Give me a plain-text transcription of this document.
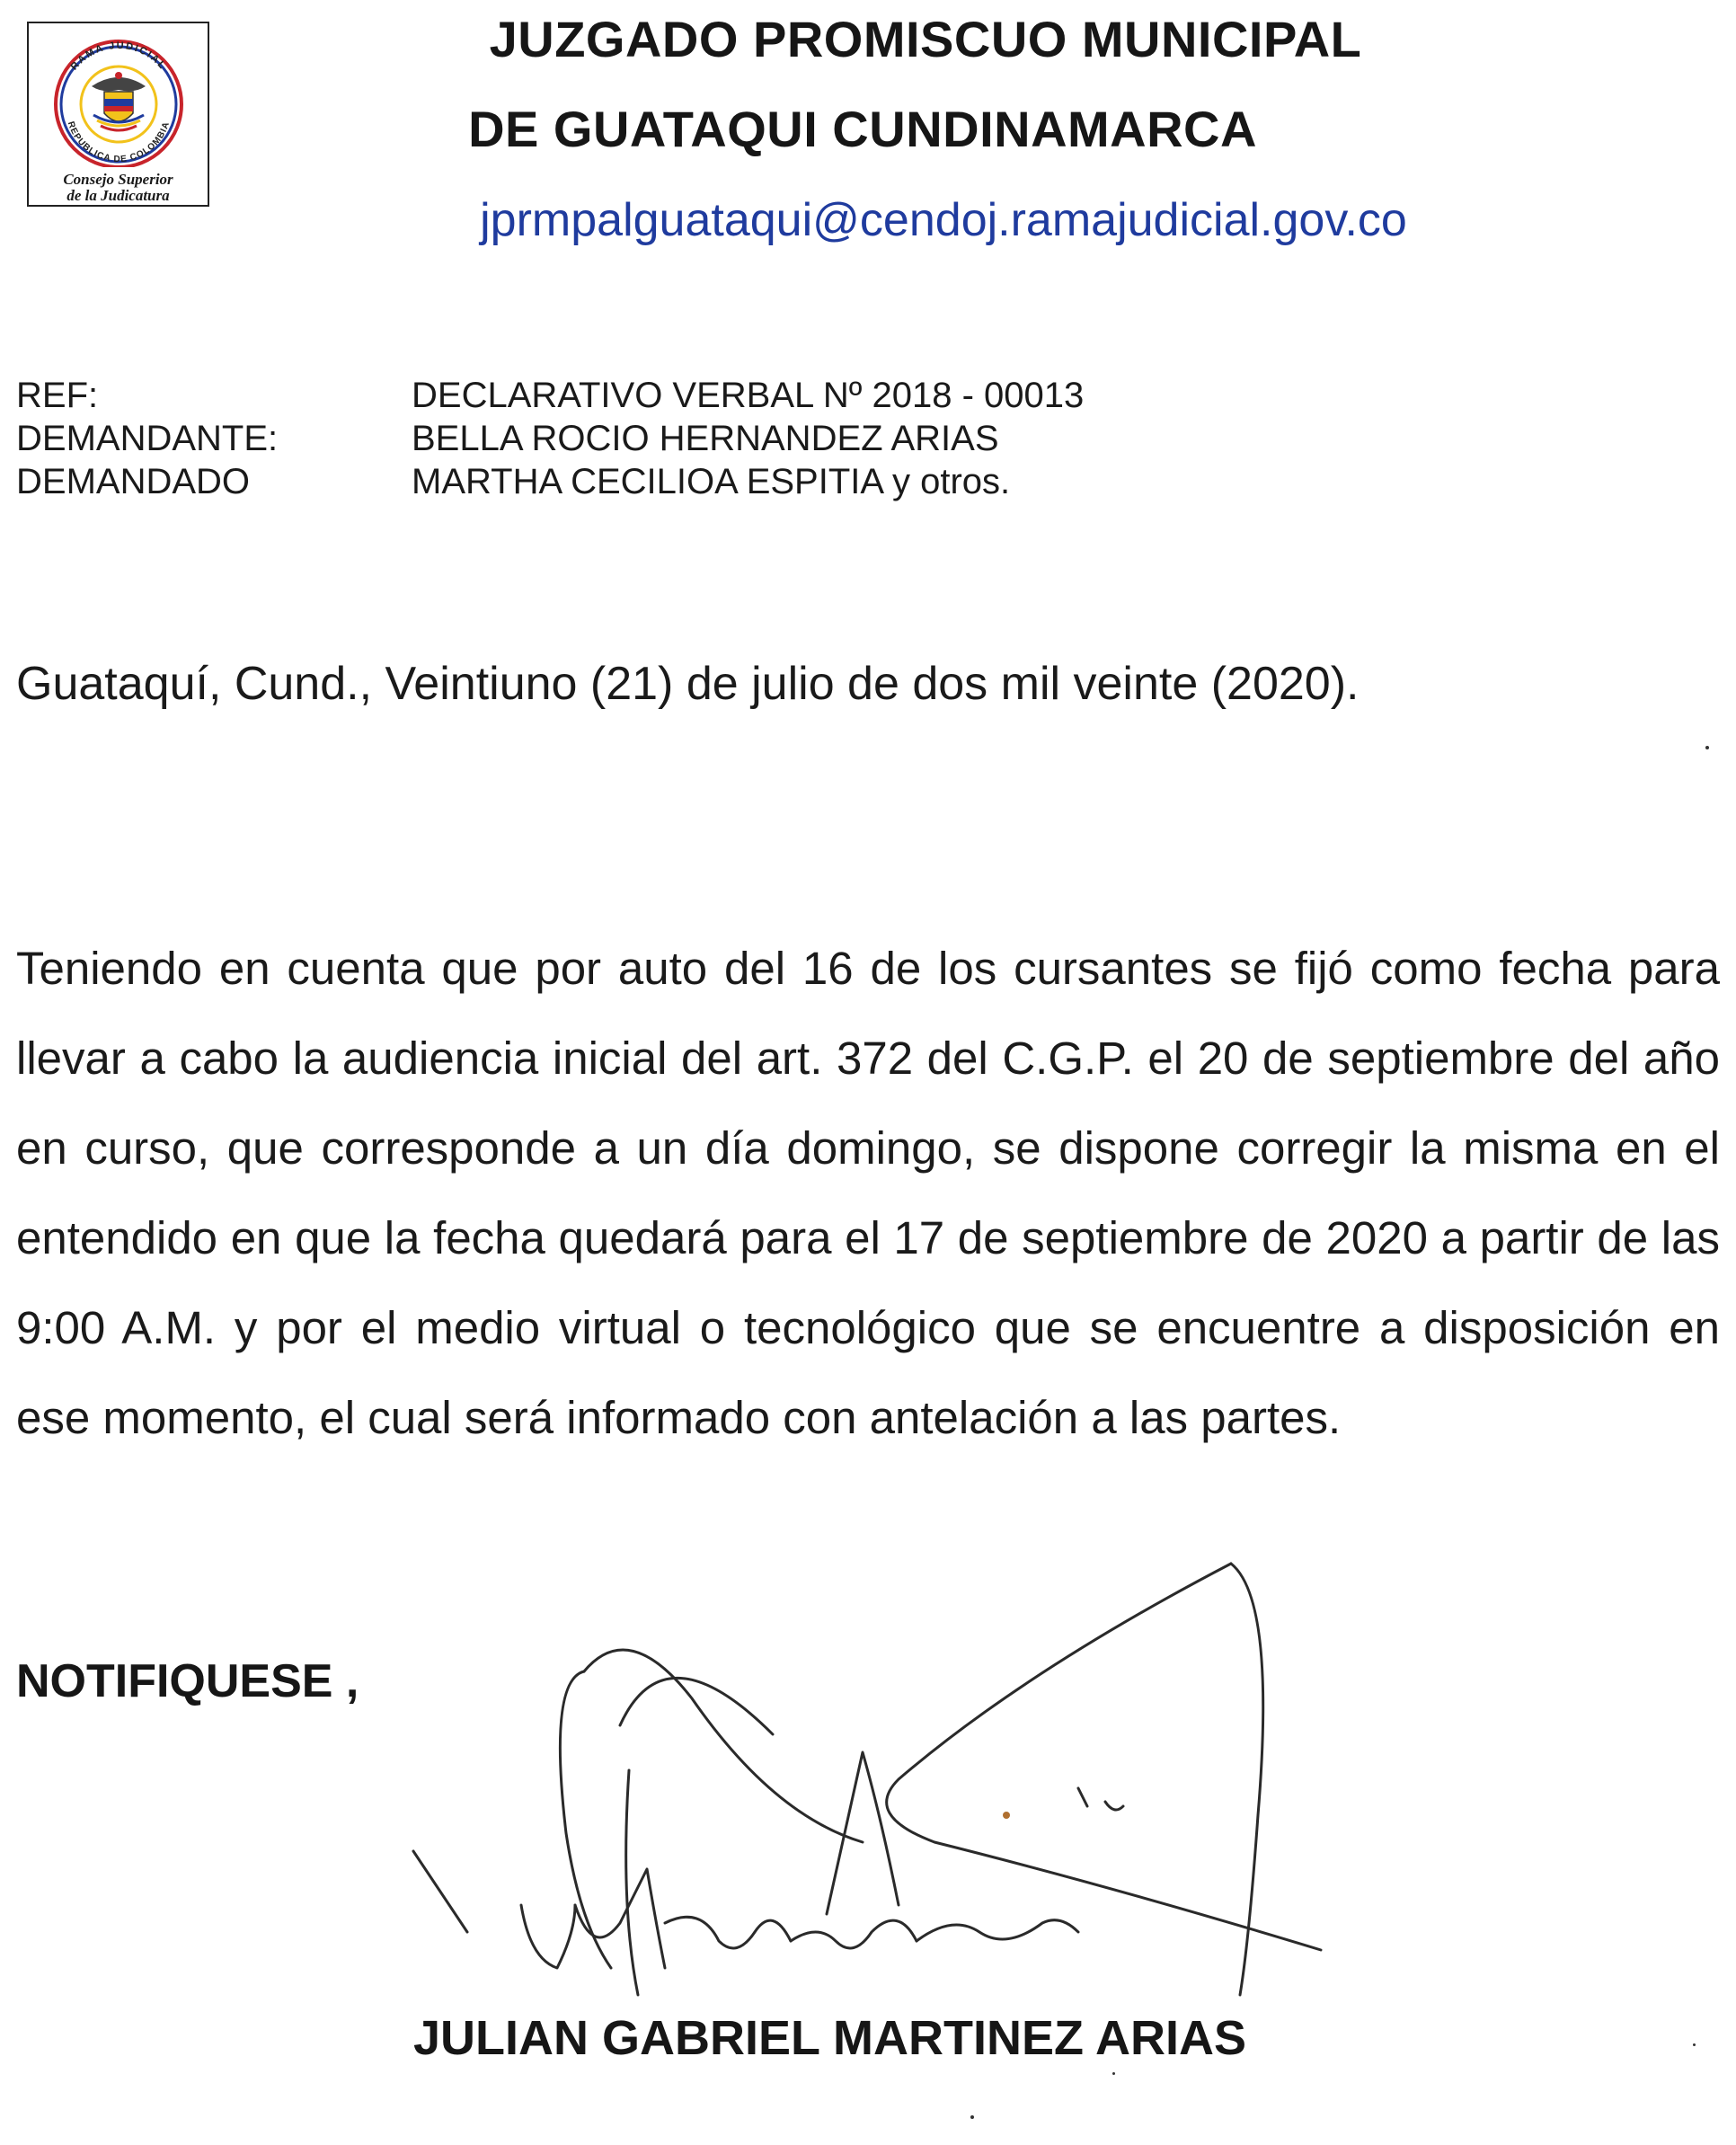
RAMA JUDICIAL
REPUBLICA DE COLOMBIA
Consejo Superior
de la Judicatura
JUZGADO PROMISCUO MUNICIPAL
DE GUATAQUI CUNDINAMARCA
jprmpalguataqui@cendoj.ramajudicial.gov.co
REF:	DECLARATIVO VERBAL Nº 2018 - 00013
DEMANDANTE:	BELLA ROCIO HERNANDEZ ARIAS
DEMANDADO	MARTHA CECILIOA ESPITIA y otros.
Guataquí, Cund., Veintiuno (21) de julio de dos mil veinte (2020).
Teniendo en cuenta que por auto del 16 de los cursantes se fijó como fecha para llevar a cabo la audiencia inicial del art. 372 del C.G.P. el 20 de septiembre del año en curso, que corresponde a un día domingo, se dispone corregir la misma en el entendido en que la fecha quedará para el 17 de septiembre de 2020 a partir de las 9:00 A.M. y por el medio virtual o tecnológico que se encuentre a disposición en ese momento, el cual será informado con antelación a las partes.
NOTIFIQUESE ,
JULIAN GABRIEL MARTINEZ ARIAS
